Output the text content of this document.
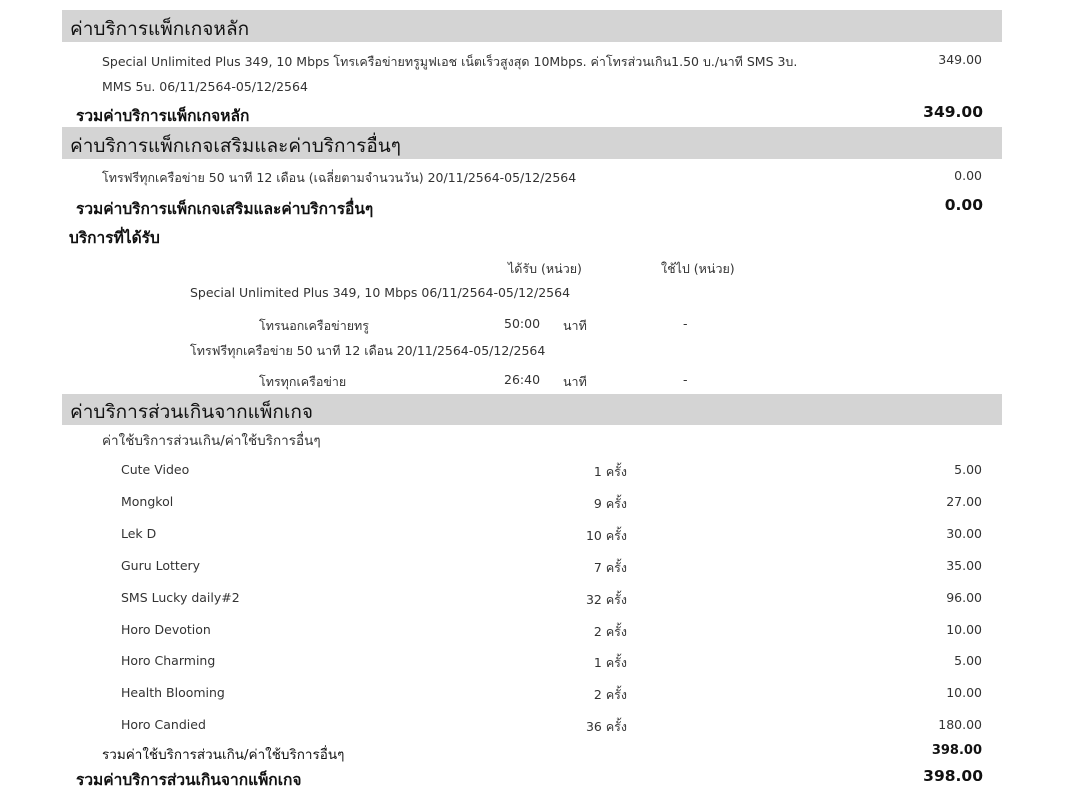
ค่าบริการแพ็กเกจหลัก
Special Unlimited Plus 349, 10 Mbps โทรเครือข่ายทรูมูฟเอช เน็ตเร็วสูงสุด 10Mbps. ค่าโทรส่วนเกิน1.50 บ./นาที SMS 3บ.	349.00
MMS 5บ. 06/11/2564-05/12/2564
รวมค่าบริการแพ็กเกจหลัก	349.00
ค่าบริการแพ็กเกจเสริมและค่าบริการอื่นๆ
โทรฟรีทุกเครือข่าย 50 นาที 12 เดือน (เฉลี่ยตามจำนวนวัน) 20/11/2564-05/12/2564	0.00
รวมค่าบริการแพ็กเกจเสริมและค่าบริการอื่นๆ	0.00
บริการที่ได้รับ
ได้รับ (หน่วย)	ใช้ไป (หน่วย)
Special Unlimited Plus 349, 10 Mbps 06/11/2564-05/12/2564
โทรนอกเครือข่ายทรู	50:00 นาที	-
โทรฟรีทุกเครือข่าย 50 นาที 12 เดือน 20/11/2564-05/12/2564
โทรทุกเครือข่าย	26:40 นาที	-
ค่าบริการส่วนเกินจากแพ็กเกจ
ค่าใช้บริการส่วนเกิน/ค่าใช้บริการอื่นๆ
Cute Video	1 ครั้ง	5.00
Mongkol	9 ครั้ง	27.00
Lek D	10 ครั้ง	30.00
Guru Lottery	7 ครั้ง	35.00
SMS Lucky daily#2	32 ครั้ง	96.00
Horo Devotion	2 ครั้ง	10.00
Horo Charming	1 ครั้ง	5.00
Health Blooming	2 ครั้ง	10.00
Horo Candied	36 ครั้ง	180.00
รวมค่าใช้บริการส่วนเกิน/ค่าใช้บริการอื่นๆ	398.00
รวมค่าบริการส่วนเกินจากแพ็กเกจ	398.00
